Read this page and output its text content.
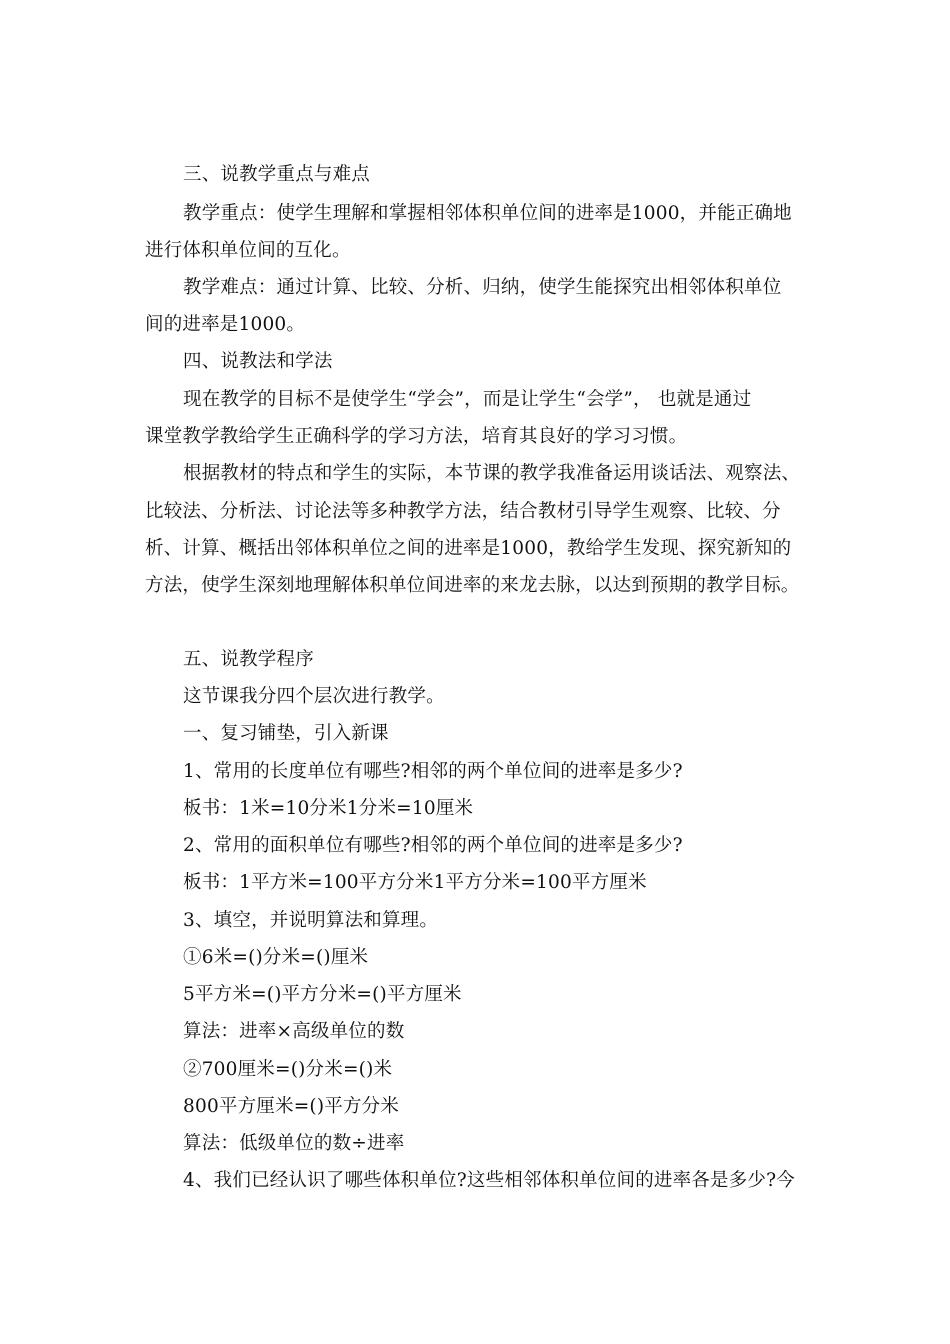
三、说教学重点与难点
教学重点：使学生理解和掌握相邻体积单位间的进率是1000，并能正确地
进行体积单位间的互化。
教学难点：通过计算、比较、分析、归纳，使学生能探究出相邻体积单位
间的进率是1000。
四、说教法和学法
现在教学的目标不是使学生“学会”，而是让学生“会学”， 也就是通过
课堂教学教给学生正确科学的学习方法，培育其良好的学习习惯。
根据教材的特点和学生的实际，本节课的教学我准备运用谈话法、观察法、
比较法、分析法、讨论法等多种教学方法，结合教材引导学生观察、比较、分
析、计算、概括出邻体积单位之间的进率是1000，教给学生发现、探究新知的
方法，使学生深刻地理解体积单位间进率的来龙去脉，以达到预期的教学目标。
五、说教学程序
这节课我分四个层次进行教学。
一、复习铺垫，引入新课
1、常用的长度单位有哪些?相邻的两个单位间的进率是多少?
板书：1米=10分米1分米=10厘米
2、常用的面积单位有哪些?相邻的两个单位间的进率是多少?
板书：1平方米=100平方分米1平方分米=100平方厘米
3、填空，并说明算法和算理。
①6米=()分米=()厘米
5平方米=()平方分米=()平方厘米
算法：进率×高级单位的数
②700厘米=()分米=()米
800平方厘米=()平方分米
算法：低级单位的数÷进率
4、我们已经认识了哪些体积单位?这些相邻体积单位间的进率各是多少?今
